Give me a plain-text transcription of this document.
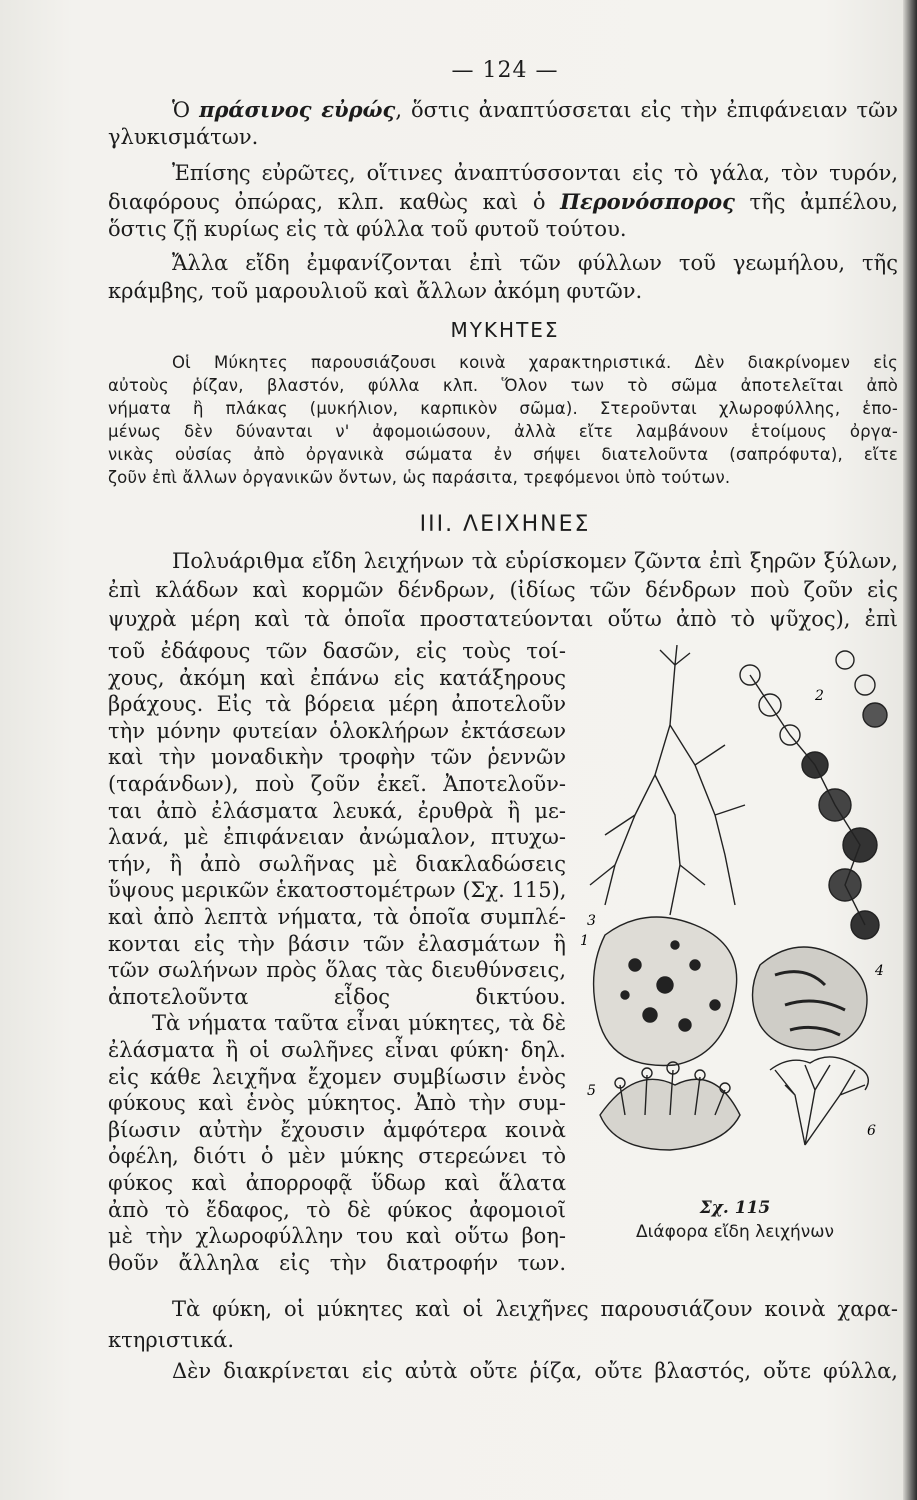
— 124 —
Ὁ πράσινος εὐρώς, ὅστις ἀναπτύσσεται εἰς τὴν ἐπιφάνειαν τῶν
γλυκισμάτων.
Ἐπίσης εὐρῶτες, οἵτινες ἀναπτύσσονται εἰς τὸ γάλα, τὸν τυρόν,
διαφόρους ὀπώρας, κλπ. καθὼς καὶ ὁ Περονόσπορος τῆς ἀμπέλου,
ὅστις ζῇ κυρίως εἰς τὰ φύλλα τοῦ φυτοῦ τούτου.
Ἄλλα εἴδη ἐμφανίζονται ἐπὶ τῶν φύλλων τοῦ γεωμήλου, τῆς
κράμβης, τοῦ μαρουλιοῦ καὶ ἄλλων ἀκόμη φυτῶν.
ΜΥΚΗΤΕΣ
Οἱ Μύκητες παρουσιάζουσι κοινὰ χαρακτηριστικά. Δὲν διακρίνομεν εἰς
αὐτοὺς ῥίζαν, βλαστόν, φύλλα κλπ. Ὅλον των τὸ σῶμα ἀποτελεῖται ἀπὸ
νήματα ἢ πλάκας (μυκήλιον, καρπικὸν σῶμα). Στεροῦνται χλωροφύλλης, ἑπο-
μένως δὲν δύνανται ν' ἀφομοιώσουν, ἀλλὰ εἴτε λαμβάνουν ἑτοίμους ὀργα-
νικὰς οὐσίας ἀπὸ ὀργανικὰ σώματα ἐν σήψει διατελοῦντα (σαπρόφυτα), εἴτε
ζοῦν ἐπὶ ἄλλων ὀργανικῶν ὄντων, ὡς παράσιτα, τρεφόμενοι ὑπὸ τούτων.
ΙΙΙ. ΛΕΙΧΗΝΕΣ
Πολυάριθμα εἴδη λειχήνων τὰ εὑρίσκομεν ζῶντα ἐπὶ ξηρῶν ξύλων,
ἐπὶ κλάδων καὶ κορμῶν δένδρων, (ἰδίως τῶν δένδρων ποὺ ζοῦν εἰς
ψυχρὰ μέρη καὶ τὰ ὁποῖα προστατεύονται οὕτω ἀπὸ τὸ ψῦχος), ἐπὶ
τοῦ ἐδάφους τῶν δασῶν, εἰς τοὺς τοί-
χους, ἀκόμη καὶ ἐπάνω εἰς κατάξηρους
βράχους. Εἰς τὰ βόρεια μέρη ἀποτελοῦν
τὴν μόνην φυτείαν ὁλοκλήρων ἐκτάσεων
καὶ τὴν μοναδικὴν τροφὴν τῶν ῥεννῶν
(ταράνδων), ποὺ ζοῦν ἐκεῖ. Ἀποτελοῦν-
ται ἀπὸ ἐλάσματα λευκά, ἐρυθρὰ ἢ με-
λανά, μὲ ἐπιφάνειαν ἀνώμαλον, πτυχω-
τήν, ἢ ἀπὸ σωλῆνας μὲ διακλαδώσεις
ὕψους μερικῶν ἑκατοστομέτρων (Σχ. 115),
καὶ ἀπὸ λεπτὰ νήματα, τὰ ὁποῖα συμπλέ-
κονται εἰς τὴν βάσιν τῶν ἐλασμάτων ἢ
τῶν σωλήνων πρὸς ὅλας τὰς διευθύνσεις,
ἀποτελοῦντα εἶδος δικτύου.
Τὰ νήματα ταῦτα εἶναι μύκητες, τὰ δὲ
ἐλάσματα ἢ οἱ σωλῆνες εἶναι φύκη· δηλ.
εἰς κάθε λειχῆνα ἔχομεν συμβίωσιν ἑνὸς
φύκους καὶ ἑνὸς μύκητος. Ἀπὸ τὴν συμ-
βίωσιν αὐτὴν ἔχουσιν ἀμφότερα κοινὰ
ὀφέλη, διότι ὁ μὲν μύκης στερεώνει τὸ
φύκος καὶ ἀπορροφᾷ ὕδωρ καὶ ἅλατα
ἀπὸ τὸ ἔδαφος, τὸ δὲ φύκος ἀφομοιοῖ
μὲ τὴν χλωροφύλλην του καὶ οὕτω βοη-
θοῦν ἄλληλα εἰς τὴν διατροφήν των.
1
2
3
4
5
6
Σχ. 115
Διάφορα εἴδη λειχήνων
Τὰ φύκη, οἱ μύκητες καὶ οἱ λειχῆνες παρουσιάζουν κοινὰ χαρα-
κτηριστικά.
Δὲν διακρίνεται εἰς αὐτὰ οὔτε ῥίζα, οὔτε βλαστός, οὔτε φύλλα,
